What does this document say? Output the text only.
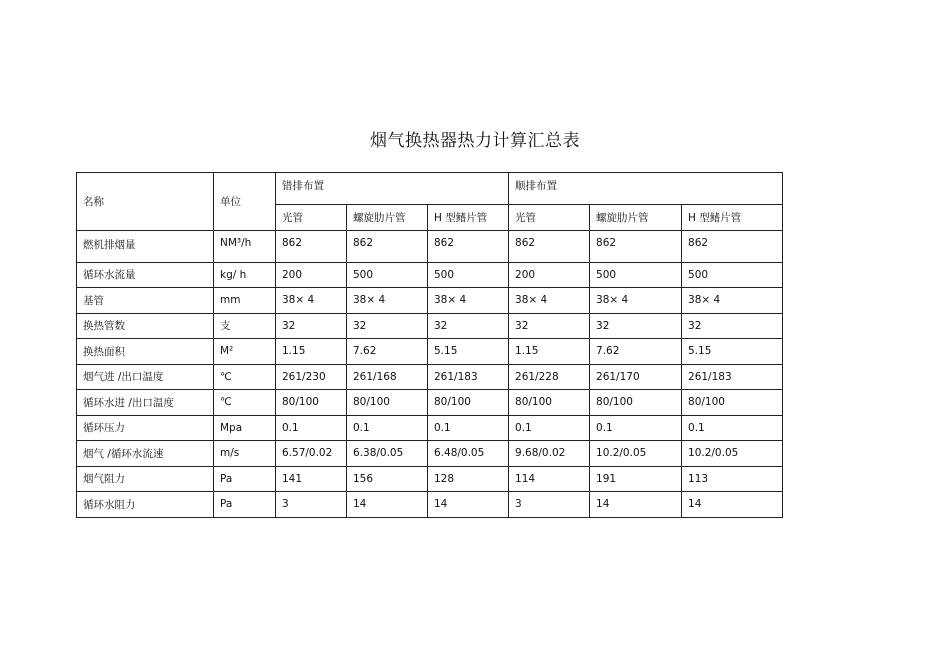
烟气换热器热力计算汇总表
名称	单位	错排布置			顺排布置		
		光管	螺旋肋片管	H 型鳍片管	光管	螺旋肋片管	H 型鳍片管
燃机排烟量	NM³/h	862	862	862	862	862	862
循环水流量	kg/ h	200	500	500	200	500	500
基管	mm	38× 4	38× 4	38× 4	38× 4	38× 4	38× 4
换热管数	支	32	32	32	32	32	32
换热面积	M²	1.15	7.62	5.15	1.15	7.62	5.15
烟气进 /出口温度	℃	261/230	261/168	261/183	261/228	261/170	261/183
循环水进 /出口温度	℃	80/100	80/100	80/100	80/100	80/100	80/100
循环压力	Mpa	0.1	0.1	0.1	0.1	0.1	0.1
烟气 /循环水流速	m/s	6.57/0.02	6.38/0.05	6.48/0.05	9.68/0.02	10.2/0.05	10.2/0.05
烟气阻力	Pa	141	156	128	114	191	113
循环水阻力	Pa	3	14	14	3	14	14
